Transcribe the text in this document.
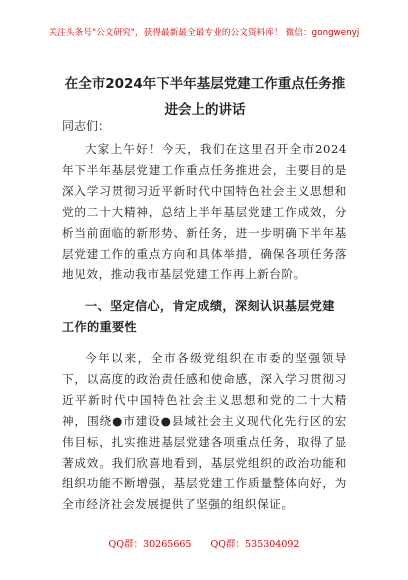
关注头条号"公文研究"，获得最新最全最专业的公文资料库！ 微信：gongwenyj
在全市2024年下半年基层党建工作重点任务推进会上的讲话
同志们：

大家上午好！今天，我们在这里召开全市2024年下半年基层党建工作重点任务推进会，主要目的是深入学习贯彻习近平新时代中国特色社会主义思想和党的二十大精神，总结上半年基层党建工作成效，分析当前面临的新形势、新任务，进一步明确下半年基层党建工作的重点方向和具体举措，确保各项任务落地见效，推动我市基层党建工作再上新台阶。

一、坚定信心，肯定成绩，深刻认识基层党建工作的重要性

今年以来，全市各级党组织在市委的坚强领导下，以高度的政治责任感和使命感，深入学习贯彻习近平新时代中国特色社会主义思想和党的二十大精神，围绕●市建设●县域社会主义现代化先行区的宏伟目标，扎实推进基层党建各项重点任务，取得了显著成效。我们欣喜地看到，基层党组织的政治功能和组织功能不断增强，基层党建工作质量整体向好，为全市经济社会发展提供了坚强的组织保证。

QQ群：30265665 QQ群：535304092
